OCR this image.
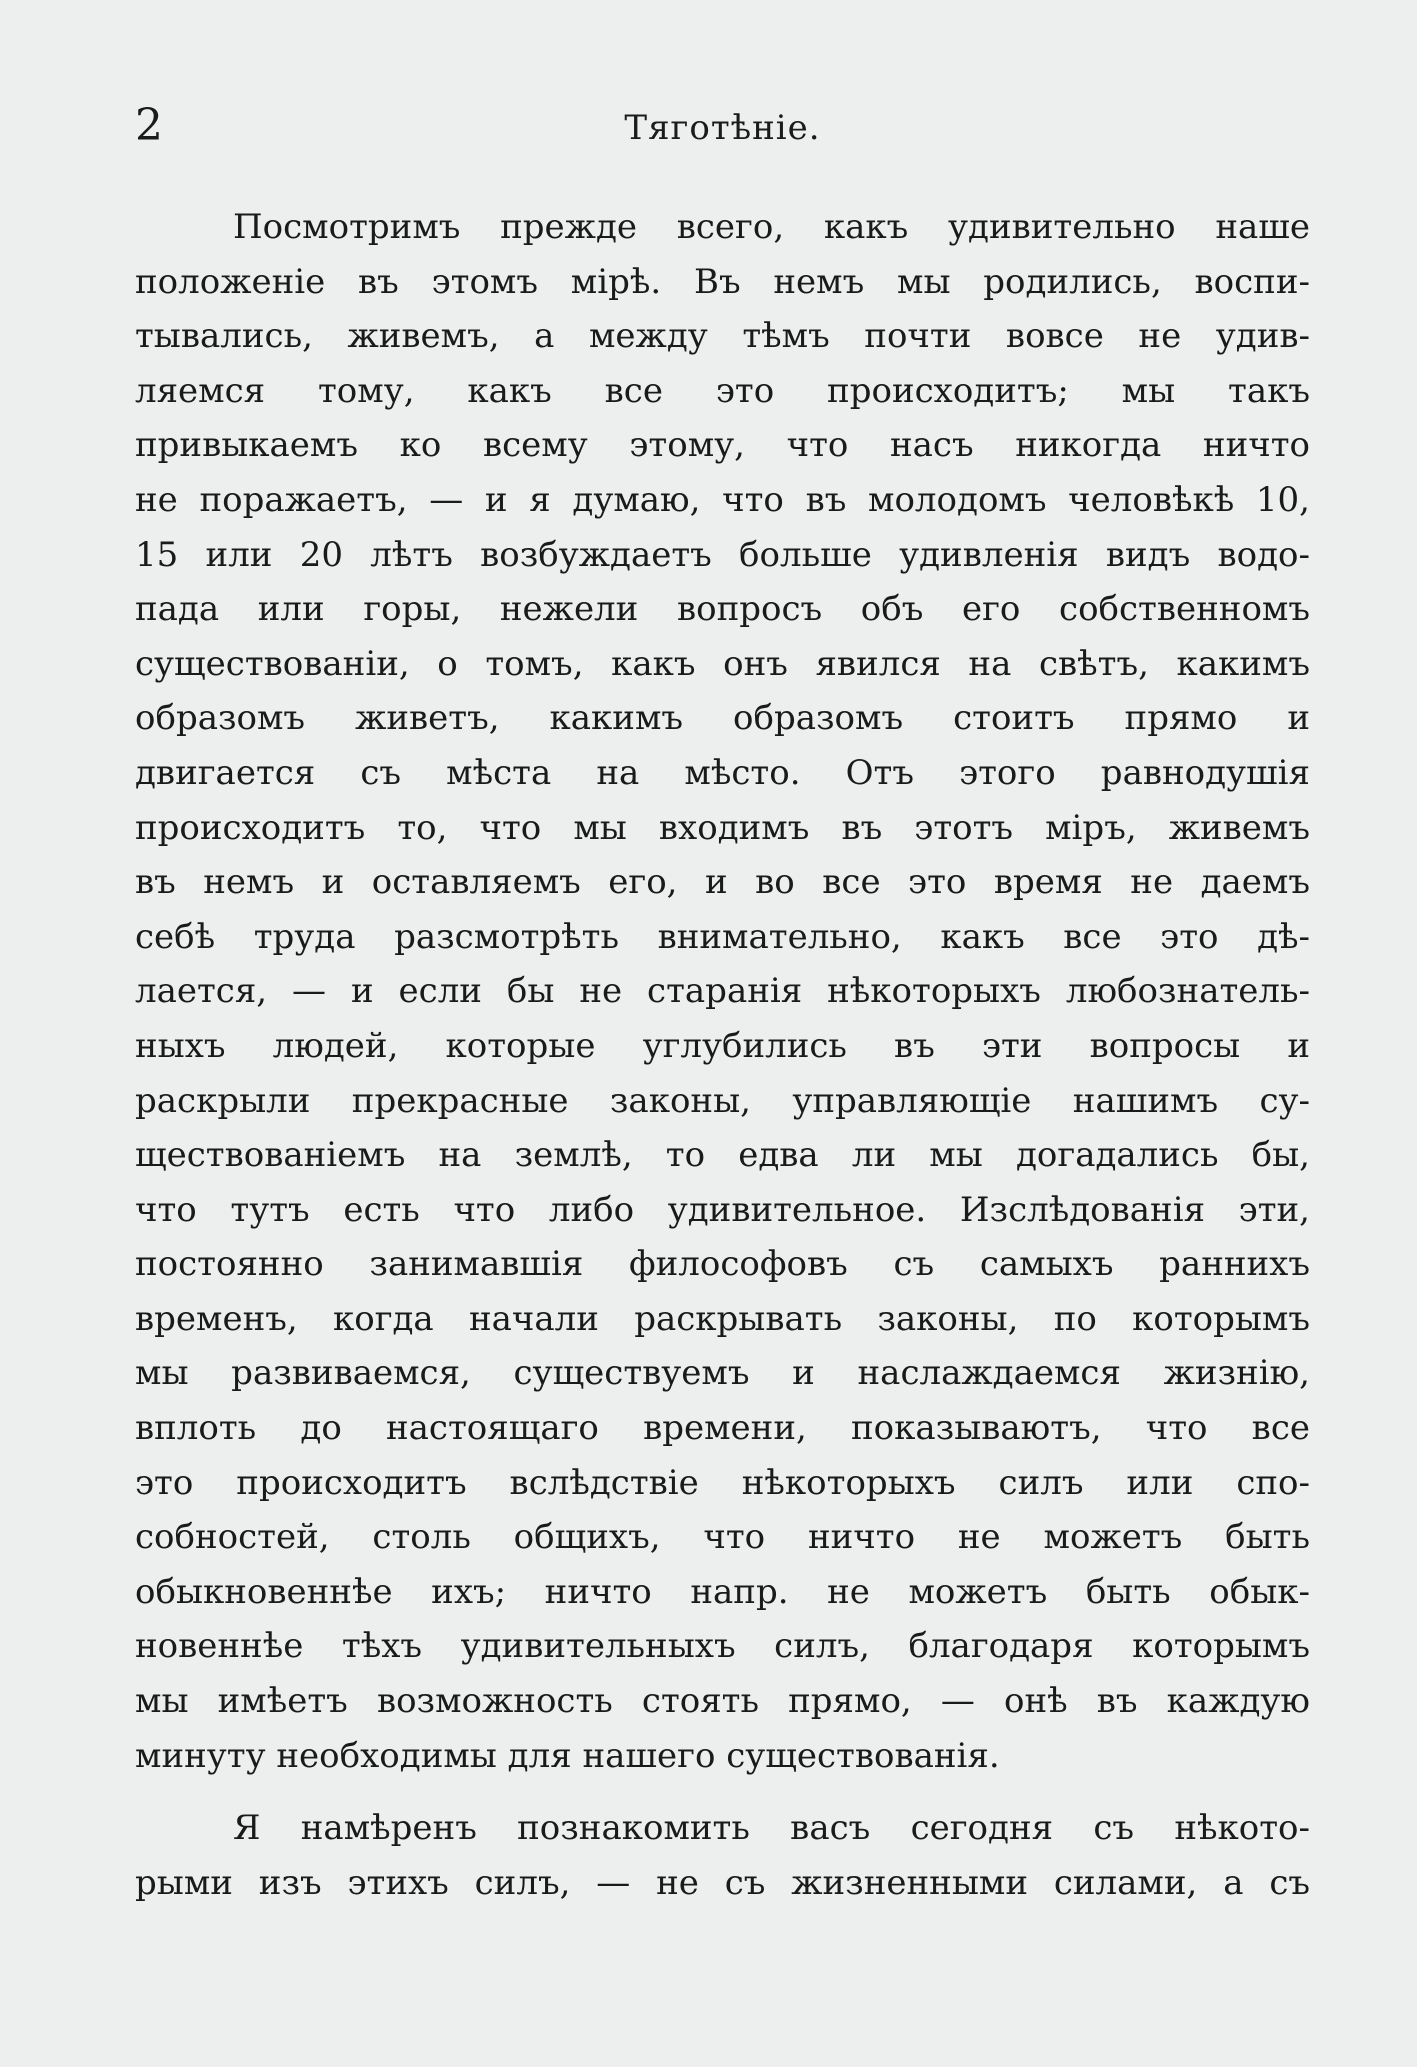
2	Тяготѣніе.
Посмотримъ прежде всего, какъ удивительно наше
положеніе въ этомъ мірѣ. Въ немъ мы родились, воспи-
тывались, живемъ, а между тѣмъ почти вовсе не удив-
ляемся тому, какъ все это происходитъ; мы такъ
привыкаемъ ко всему этому, что насъ никогда ничто
не поражаетъ, — и я думаю, что въ молодомъ человѣкѣ 10,
15 или 20 лѣтъ возбуждаетъ больше удивленія видъ водо-
пада или горы, нежели вопросъ объ его собственномъ
существованіи, о томъ, какъ онъ явился на свѣтъ, какимъ
образомъ живетъ, какимъ образомъ стоитъ прямо и
двигается съ мѣста на мѣсто. Отъ этого равнодушія
происходитъ то, что мы входимъ въ этотъ міръ, живемъ
въ немъ и оставляемъ его, и во все это время не даемъ
себѣ труда разсмотрѣть внимательно, какъ все это дѣ-
лается, — и если бы не старанія нѣкоторыхъ любознатель-
ныхъ людей, которые углубились въ эти вопросы и
раскрыли прекрасные законы, управляющіе нашимъ су-
ществованіемъ на землѣ, то едва ли мы догадались бы,
что тутъ есть что либо удивительное. Изслѣдованія эти,
постоянно занимавшія философовъ съ самыхъ раннихъ
временъ, когда начали раскрывать законы, по которымъ
мы развиваемся, существуемъ и наслаждаемся жизнію,
вплоть до настоящаго времени, показываютъ, что все
это происходитъ вслѣдствіе нѣкоторыхъ силъ или спо-
собностей, столь общихъ, что ничто не можетъ быть
обыкновеннѣе ихъ; ничто напр. не можетъ быть обык-
новеннѣе тѣхъ удивительныхъ силъ, благодаря которымъ
мы имѣетъ возможность стоять прямо, — онѣ въ каждую
минуту необходимы для нашего существованія.
Я намѣренъ познакомить васъ сегодня съ нѣкото-
рыми изъ этихъ силъ, — не съ жизненными силами, а съ
